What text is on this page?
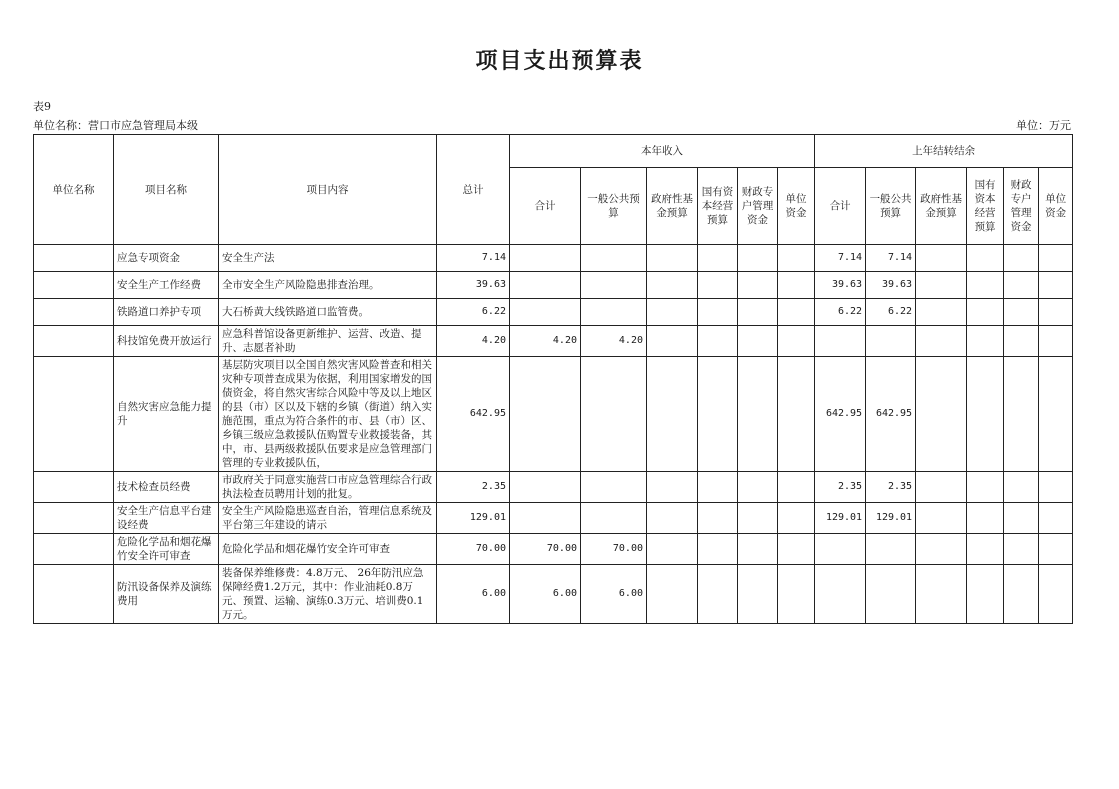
项目支出预算表
表9
单位名称：营口市应急管理局本级	单位：万元
单位名称	项目名称	项目内容	总计	本年收入						上年结转结余					
				合计	一般公共预算	政府性基金预算	国有资本经营预算	财政专户管理资金	单位资金	合计	一般公共预算	政府性基金预算	国有资本经营预算	财政专户管理资金	单位资金
	应急专项资金	安全生产法	7.14							7.14	7.14				
	安全生产工作经费	全市安全生产风险隐患排查治理。	39.63							39.63	39.63				
	铁路道口养护专项	大石桥黄大线铁路道口监管费。	6.22							6.22	6.22				
	科技馆免费开放运行	应急科普馆设备更新维护、运营、改造、提升、志愿者补助	4.20	4.20	4.20										
	自然灾害应急能力提升	基层防灾项目以全国自然灾害风险普查和相关灾种专项普查成果为依据，利用国家增发的国债资金，将自然灾害综合风险中等及以上地区的县（市）区以及下辖的乡镇（街道）纳入实施范围，重点为符合条件的市、县（市）区、乡镇三级应急救援队伍购置专业救援装备，其中，市、县两级救援队伍要求是应急管理部门管理的专业救援队伍，	642.95							642.95	642.95				
	技术检查员经费	市政府关于同意实施营口市应急管理综合行政执法检查员聘用计划的批复。	2.35							2.35	2.35				
	安全生产信息平台建设经费	安全生产风险隐患巡查自治，管理信息系统及平台第三年建设的请示	129.01							129.01	129.01				
	危险化学品和烟花爆竹安全许可审查	危险化学品和烟花爆竹安全许可审查	70.00	70.00	70.00										
	防汛设备保养及演练费用	装备保养维修费：4.8万元、 26年防汛应急保障经费1.2万元，其中：作业油耗0.8万元、预置、运输、演练0.3万元、培训费0.1万元。	6.00	6.00	6.00										
